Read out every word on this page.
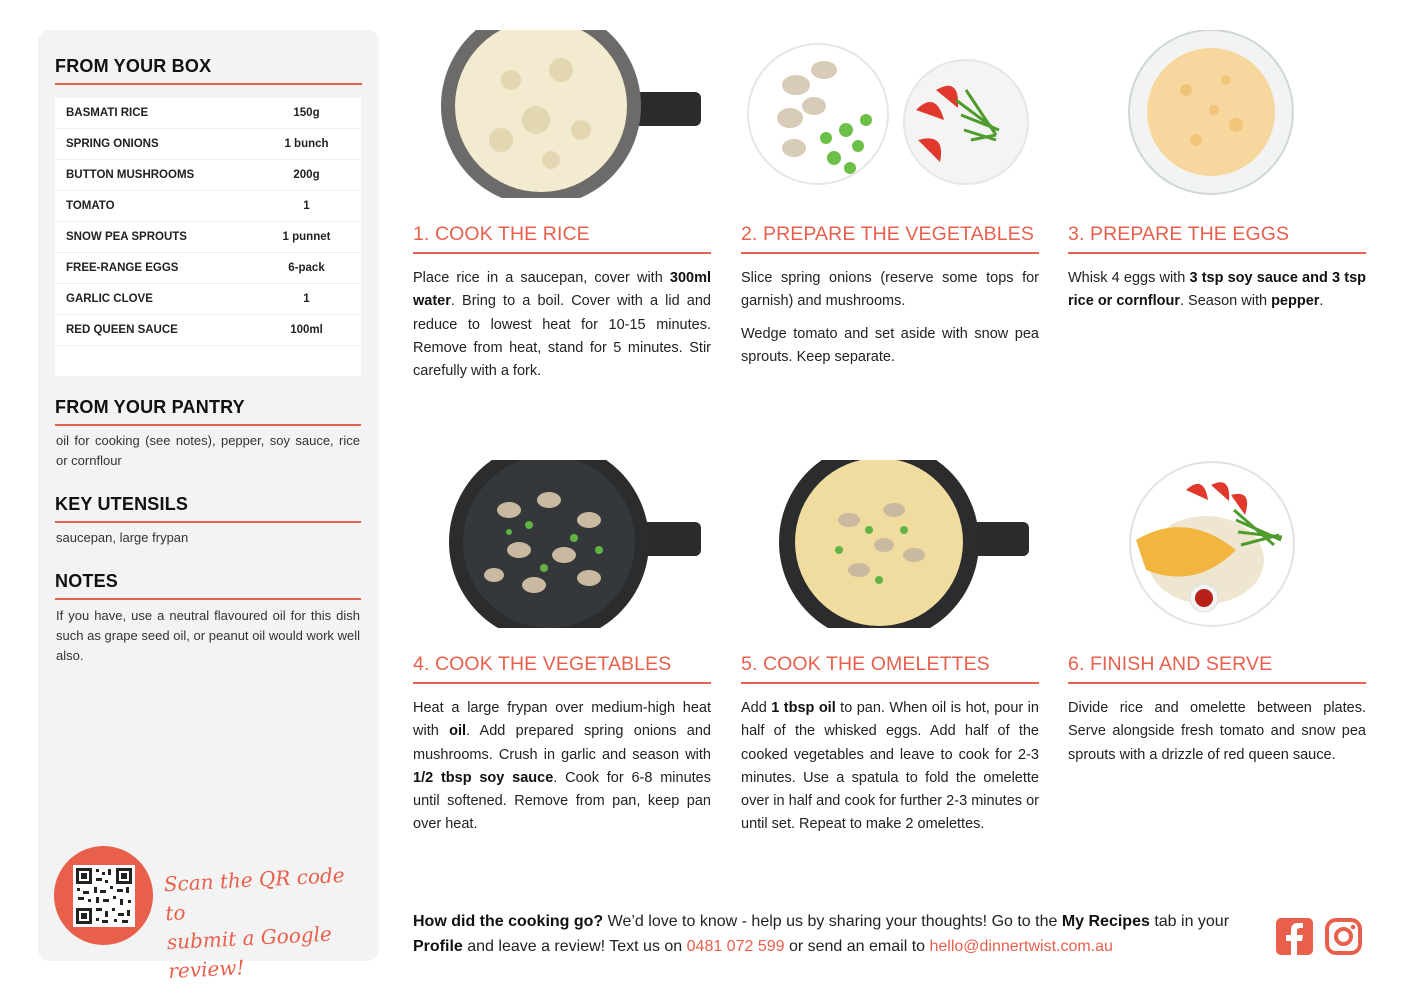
FROM YOUR BOX
BASMATI RICE	150g
SPRING ONIONS	1 bunch
BUTTON MUSHROOMS	200g
TOMATO	1
SNOW PEA SPROUTS	1 punnet
FREE-RANGE EGGS	6-pack
GARLIC CLOVE	1
RED QUEEN SAUCE	100ml
FROM YOUR PANTRY
oil for cooking (see notes), pepper, soy sauce, rice or cornflour
KEY UTENSILS
saucepan, large frypan
NOTES
If you have, use a neutral flavoured oil for this dish such as grape seed oil, or peanut oil would work well also.
Scan the QR code to
submit a Google review!
1. COOK THE RICE

Place rice in a saucepan, cover with 300ml water. Bring to a boil. Cover with a lid and reduce to lowest heat for 10-15 minutes. Remove from heat, stand for 5 minutes. Stir carefully with a fork.

2. PREPARE THE VEGETABLES

Slice spring onions (reserve some tops for garnish) and mushrooms.

Wedge tomato and set aside with snow pea sprouts. Keep separate.

3. PREPARE THE EGGS

Whisk 4 eggs with 3 tsp soy sauce and 3 tsp rice or cornflour. Season with pepper.

4. COOK THE VEGETABLES

Heat a large frypan over medium-high heat with oil. Add prepared spring onions and mushrooms. Crush in garlic and season with 1/2 tbsp soy sauce. Cook for 6-8 minutes until softened. Remove from pan, keep pan over heat.

5. COOK THE OMELETTES

Add 1 tbsp oil to pan. When oil is hot, pour in half of the whisked eggs. Add half of the cooked vegetables and leave to cook for 2-3 minutes. Use a spatula to fold the omelette over in half and cook for further 2-3 minutes or until set. Repeat to make 2 omelettes.

6. FINISH AND SERVE

Divide rice and omelette between plates. Serve alongside fresh tomato and snow pea sprouts with a drizzle of red queen sauce.

How did the cooking go? We’d love to know - help us by sharing your thoughts! Go to the My Recipes tab in your Profile and leave a review! Text us on 0481 072 599 or send an email to hello@dinnertwist.com.au
